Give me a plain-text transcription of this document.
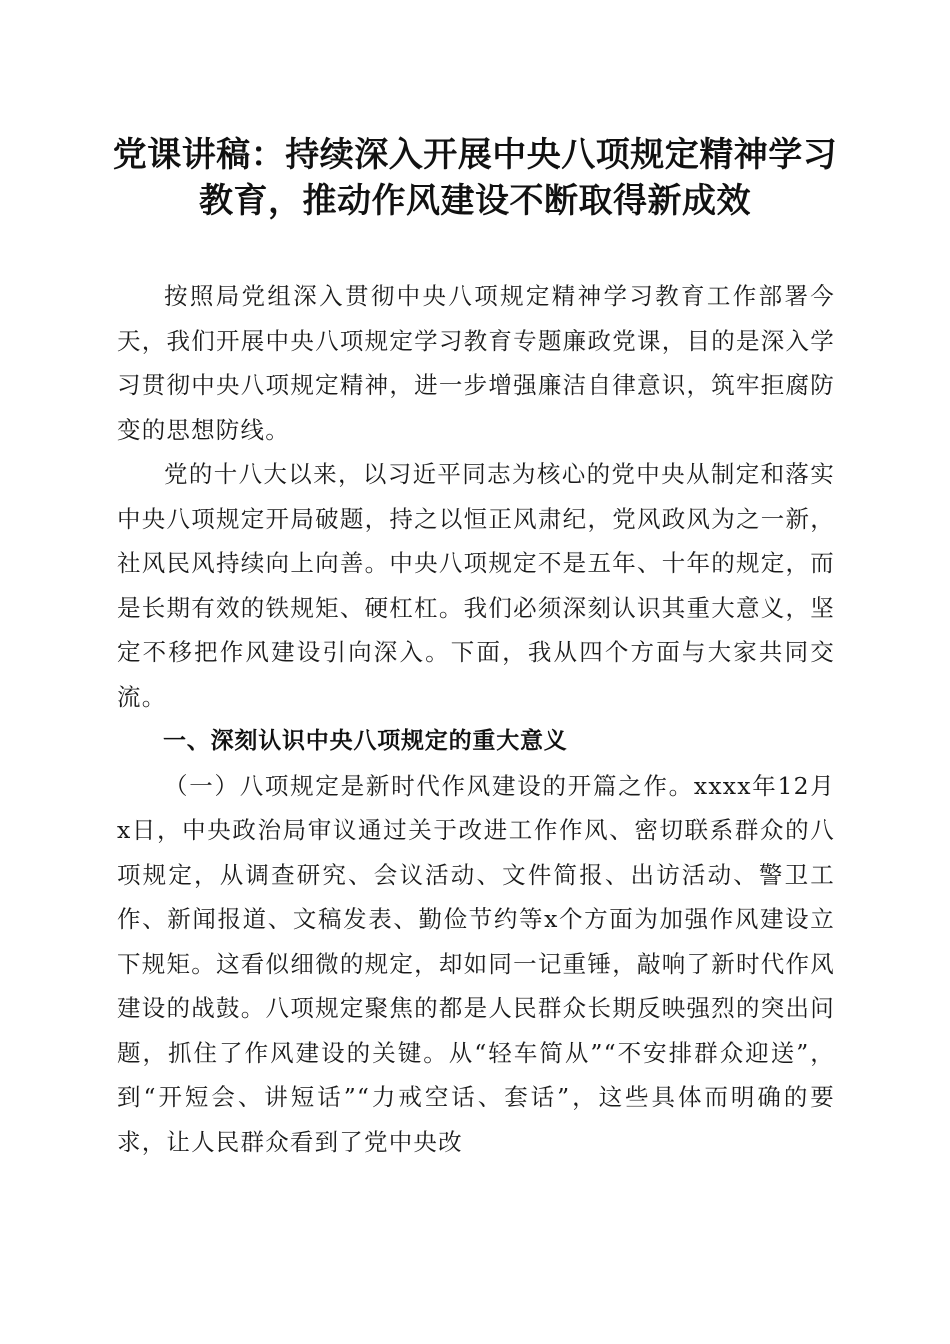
党课讲稿：持续深入开展中央八项规定精神学习教育，推动作风建设不断取得新成效

按照局党组深入贯彻中央八项规定精神学习教育工作部署今天，我们开展中央八项规定学习教育专题廉政党课，目的是深入学习贯彻中央八项规定精神，进一步增强廉洁自律意识，筑牢拒腐防变的思想防线。

党的十八大以来，以习近平同志为核心的党中央从制定和落实中央八项规定开局破题，持之以恒正风肃纪，党风政风为之一新，社风民风持续向上向善。中央八项规定不是五年、十年的规定，而是长期有效的铁规矩、硬杠杠。我们必须深刻认识其重大意义，坚定不移把作风建设引向深入。下面，我从四个方面与大家共同交流。

一、深刻认识中央八项规定的重大意义

（一）八项规定是新时代作风建设的开篇之作。xxxx年12月x日，中央政治局审议通过关于改进工作作风、密切联系群众的八项规定，从调查研究、会议活动、文件简报、出访活动、警卫工作、新闻报道、文稿发表、勤俭节约等x个方面为加强作风建设立下规矩。这看似细微的规定，却如同一记重锤，敲响了新时代作风建设的战鼓。八项规定聚焦的都是人民群众长期反映强烈的突出问题，抓住了作风建设的关键。从“轻车简从”“不安排群众迎送”，到“开短会、讲短话”“力戒空话、套话”，这些具体而明确的要求，让人民群众看到了党中央改
